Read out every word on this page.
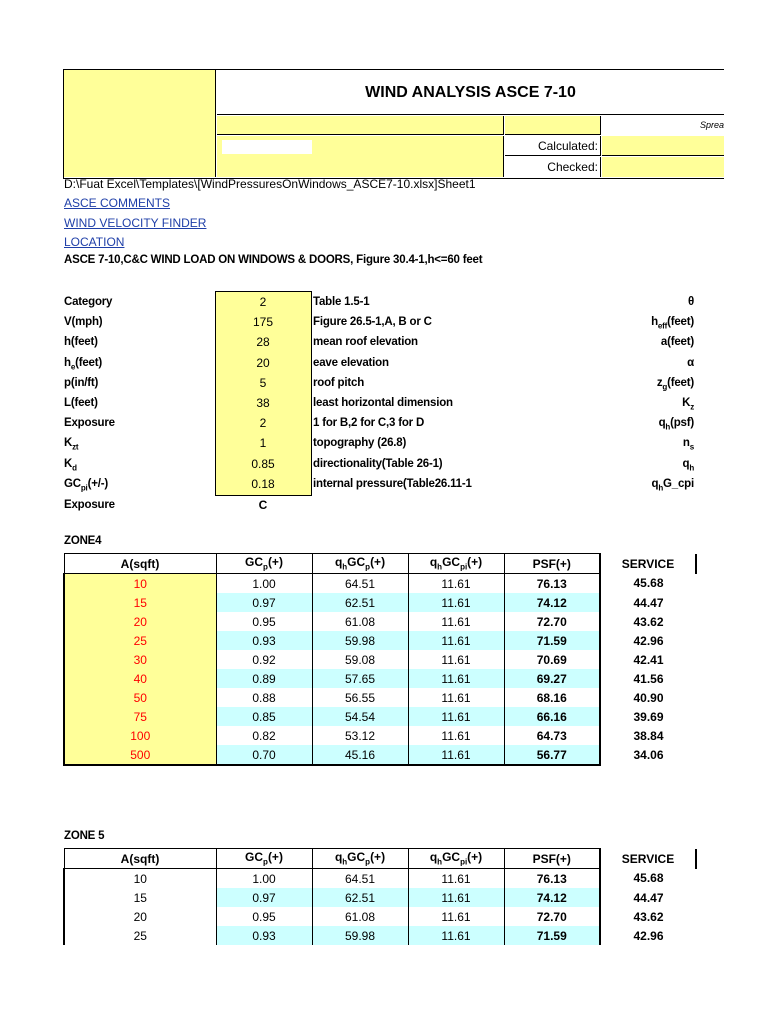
WIND ANALYSIS ASCE 7-10
Sprea
Calculated:
Checked:
D:\Fuat Excel\Templates\[WindPressuresOnWindows_ASCE7-10.xlsx]Sheet1
ASCE COMMENTS
WIND VELOCITY FINDER
LOCATION
ASCE 7-10,C&C WIND LOAD ON WINDOWS & DOORS, Figure 30.4-1,h<=60 feet
Category	2	Table 1.5-1	θ
V(mph)	175	Figure 26.5-1,A, B or C	$h_{eff}(feet)$
h(feet)	28	mean roof elevation	a(feet)
$h_e(feet)$	20	eave elevation	α
p(in/ft)	5	roof pitch	$z_g(feet)$
L(feet)	38	least horizontal dimension	$K_z$
Exposure	2	1 for B,2 for C,3 for D	$q_h(psf)$
$K_{zt}$	1	topography (26.8)	$n_s$
$K_d$	0.85	directionality(Table 26-1)	$q_h$
$GC_{pi}(+/-)$	0.18	internal pressure(Table26.11-1	$q_hG\_cpi$
Exposure	C
ZONE4
A(sqft)	$GC_p(+)$	$q_hGC_p(+)$	$q_hGC_{pi}(+)$	PSF(+)	SERVICE
10	1.00	64.51	11.61	76.13	45.68
15	0.97	62.51	11.61	74.12	44.47
20	0.95	61.08	11.61	72.70	43.62
25	0.93	59.98	11.61	71.59	42.96
30	0.92	59.08	11.61	70.69	42.41
40	0.89	57.65	11.61	69.27	41.56
50	0.88	56.55	11.61	68.16	40.90
75	0.85	54.54	11.61	66.16	39.69
100	0.82	53.12	11.61	64.73	38.84
500	0.70	45.16	11.61	56.77	34.06
ZONE 5
A(sqft)	$GC_p(+)$	$q_hGC_p(+)$	$q_hGC_{pi}(+)$	PSF(+)	SERVICE
10	1.00	64.51	11.61	76.13	45.68
15	0.97	62.51	11.61	74.12	44.47
20	0.95	61.08	11.61	72.70	43.62
25	0.93	59.98	11.61	71.59	42.96
